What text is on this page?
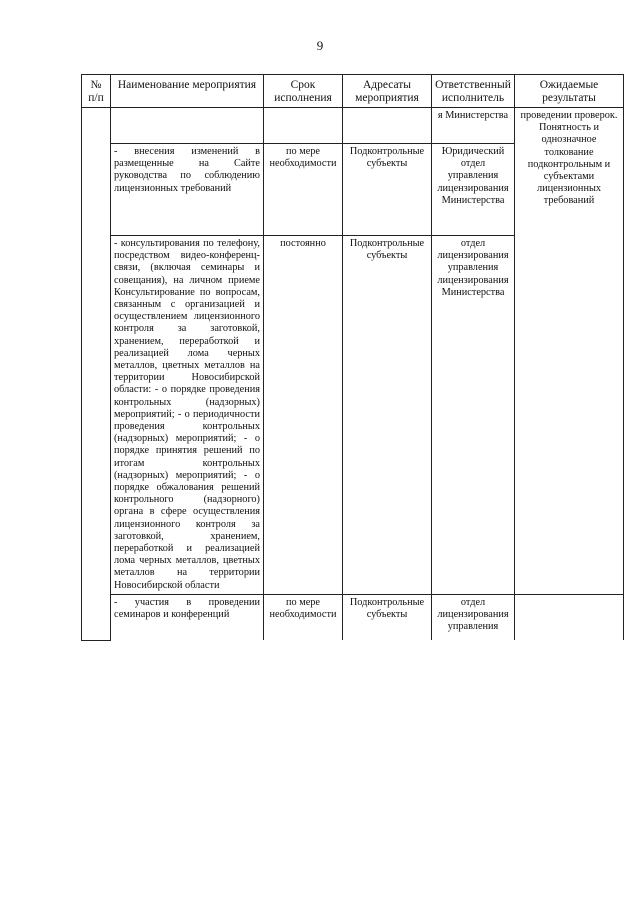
9
№ п/п	Наименование мероприятия	Срок исполнения	Адресаты мероприятия	Ответственный исполнитель	Ожидаемые результаты
				я Министерства	проведении проверок. Понятность и однозначное толкование подконтрольным и субъектами лицензионных требований
	- внесения изменений в размещенные на Сайте руководства по соблюдению лицензионных требований	по мере необходимости	Подконтрольные субъекты	Юридический отдел управления лицензирования Министерства	
	- консультирования по телефону, посредством видео-конференц-связи, (включая семинары и совещания), на личном приеме Консультирование по вопросам, связанным с организацией и осуществлением лицензионного контроля за заготовкой, хранением, переработкой и реализацией лома черных металлов, цветных металлов на территории Новосибирской области: - о порядке проведения контрольных (надзорных) мероприятий; - о периодичности проведения контрольных (надзорных) мероприятий; - о порядке принятия решений по итогам контрольных (надзорных) мероприятий; - о порядке обжалования решений контрольного (надзорного) органа в сфере осуществления лицензионного контроля за заготовкой, хранением, переработкой и реализацией лома черных металлов, цветных металлов на территории Новосибирской области	постоянно	Подконтрольные субъекты	отдел лицензирования управления лицензирования Министерства	
	- участия в проведении семинаров и конференций	по мере необходимости	Подконтрольные субъекты	отдел лицензирования управления	
